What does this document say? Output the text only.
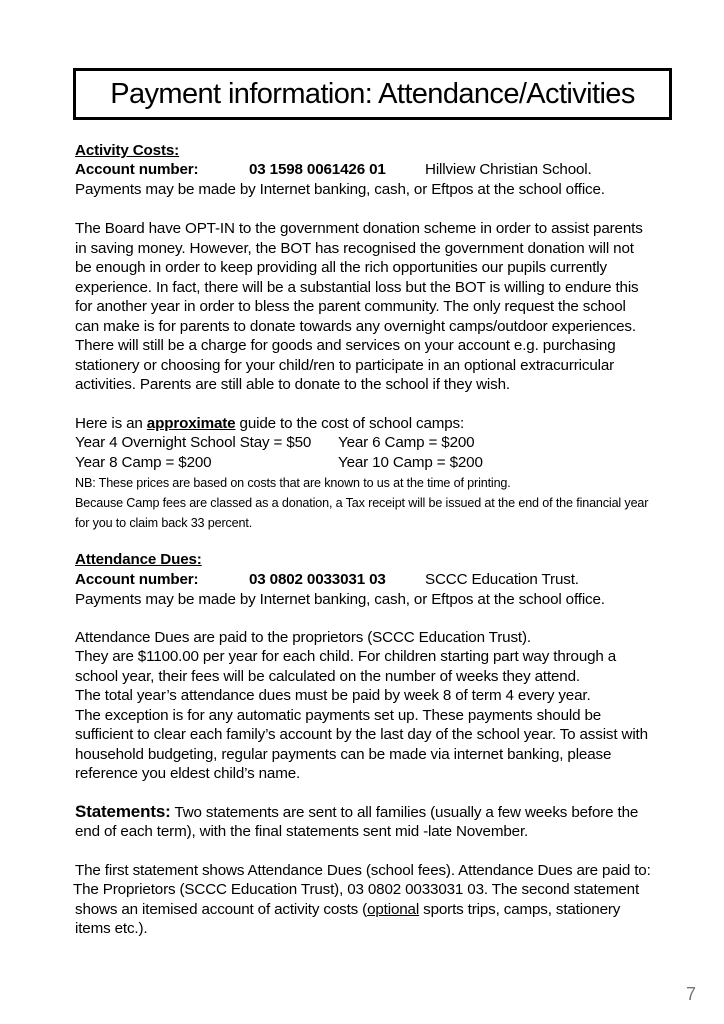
Payment information: Attendance/Activities
Activity Costs:
Account number:	03 1598 0061426 01	Hillview Christian School.
Payments may be made by Internet banking, cash, or Eftpos at the school office.
The Board have OPT-IN to the government donation scheme in order to assist parents
in saving money. However, the BOT has recognised the government donation will not
be enough in order to keep providing all the rich opportunities our pupils currently
experience. In fact, there will be a substantial loss but the BOT is willing to endure this
for another year in order to bless the parent community. The only request the school
can make is for parents to donate towards any overnight camps/outdoor experiences.
There will still be a charge for goods and services on your account e.g. purchasing
stationery or choosing for your child/ren to participate in an optional extracurricular
activities. Parents are still able to donate to the school if they wish.
Here is an approximate guide to the cost of school camps:
Year 4 Overnight School Stay = $50 Year 6 Camp = $200
Year 8 Camp = $200	Year 10 Camp = $200
NB: These prices are based on costs that are known to us at the time of printing.
Because Camp fees are classed as a donation, a Tax receipt will be issued at the end of the financial year
for you to claim back 33 percent.
Attendance Dues:
Account number:	03 0802 0033031 03	SCCC Education Trust.
Payments may be made by Internet banking, cash, or Eftpos at the school office.
Attendance Dues are paid to the proprietors (SCCC Education Trust).
They are $1100.00 per year for each child. For children starting part way through a
school year, their fees will be calculated on the number of weeks they attend.
The total year’s attendance dues must be paid by week 8 of term 4 every year.
The exception is for any automatic payments set up. These payments should be
sufficient to clear each family’s account by the last day of the school year. To assist with
household budgeting, regular payments can be made via internet banking, please
reference you eldest child’s name.
Statements: Two statements are sent to all families (usually a few weeks before the
end of each term), with the final statements sent mid -late November.
The first statement shows Attendance Dues (school fees). Attendance Dues are paid to:
The Proprietors (SCCC Education Trust), 03 0802 0033031 03. The second statement
shows an itemised account of activity costs (optional sports trips, camps, stationery
items etc.).
7
